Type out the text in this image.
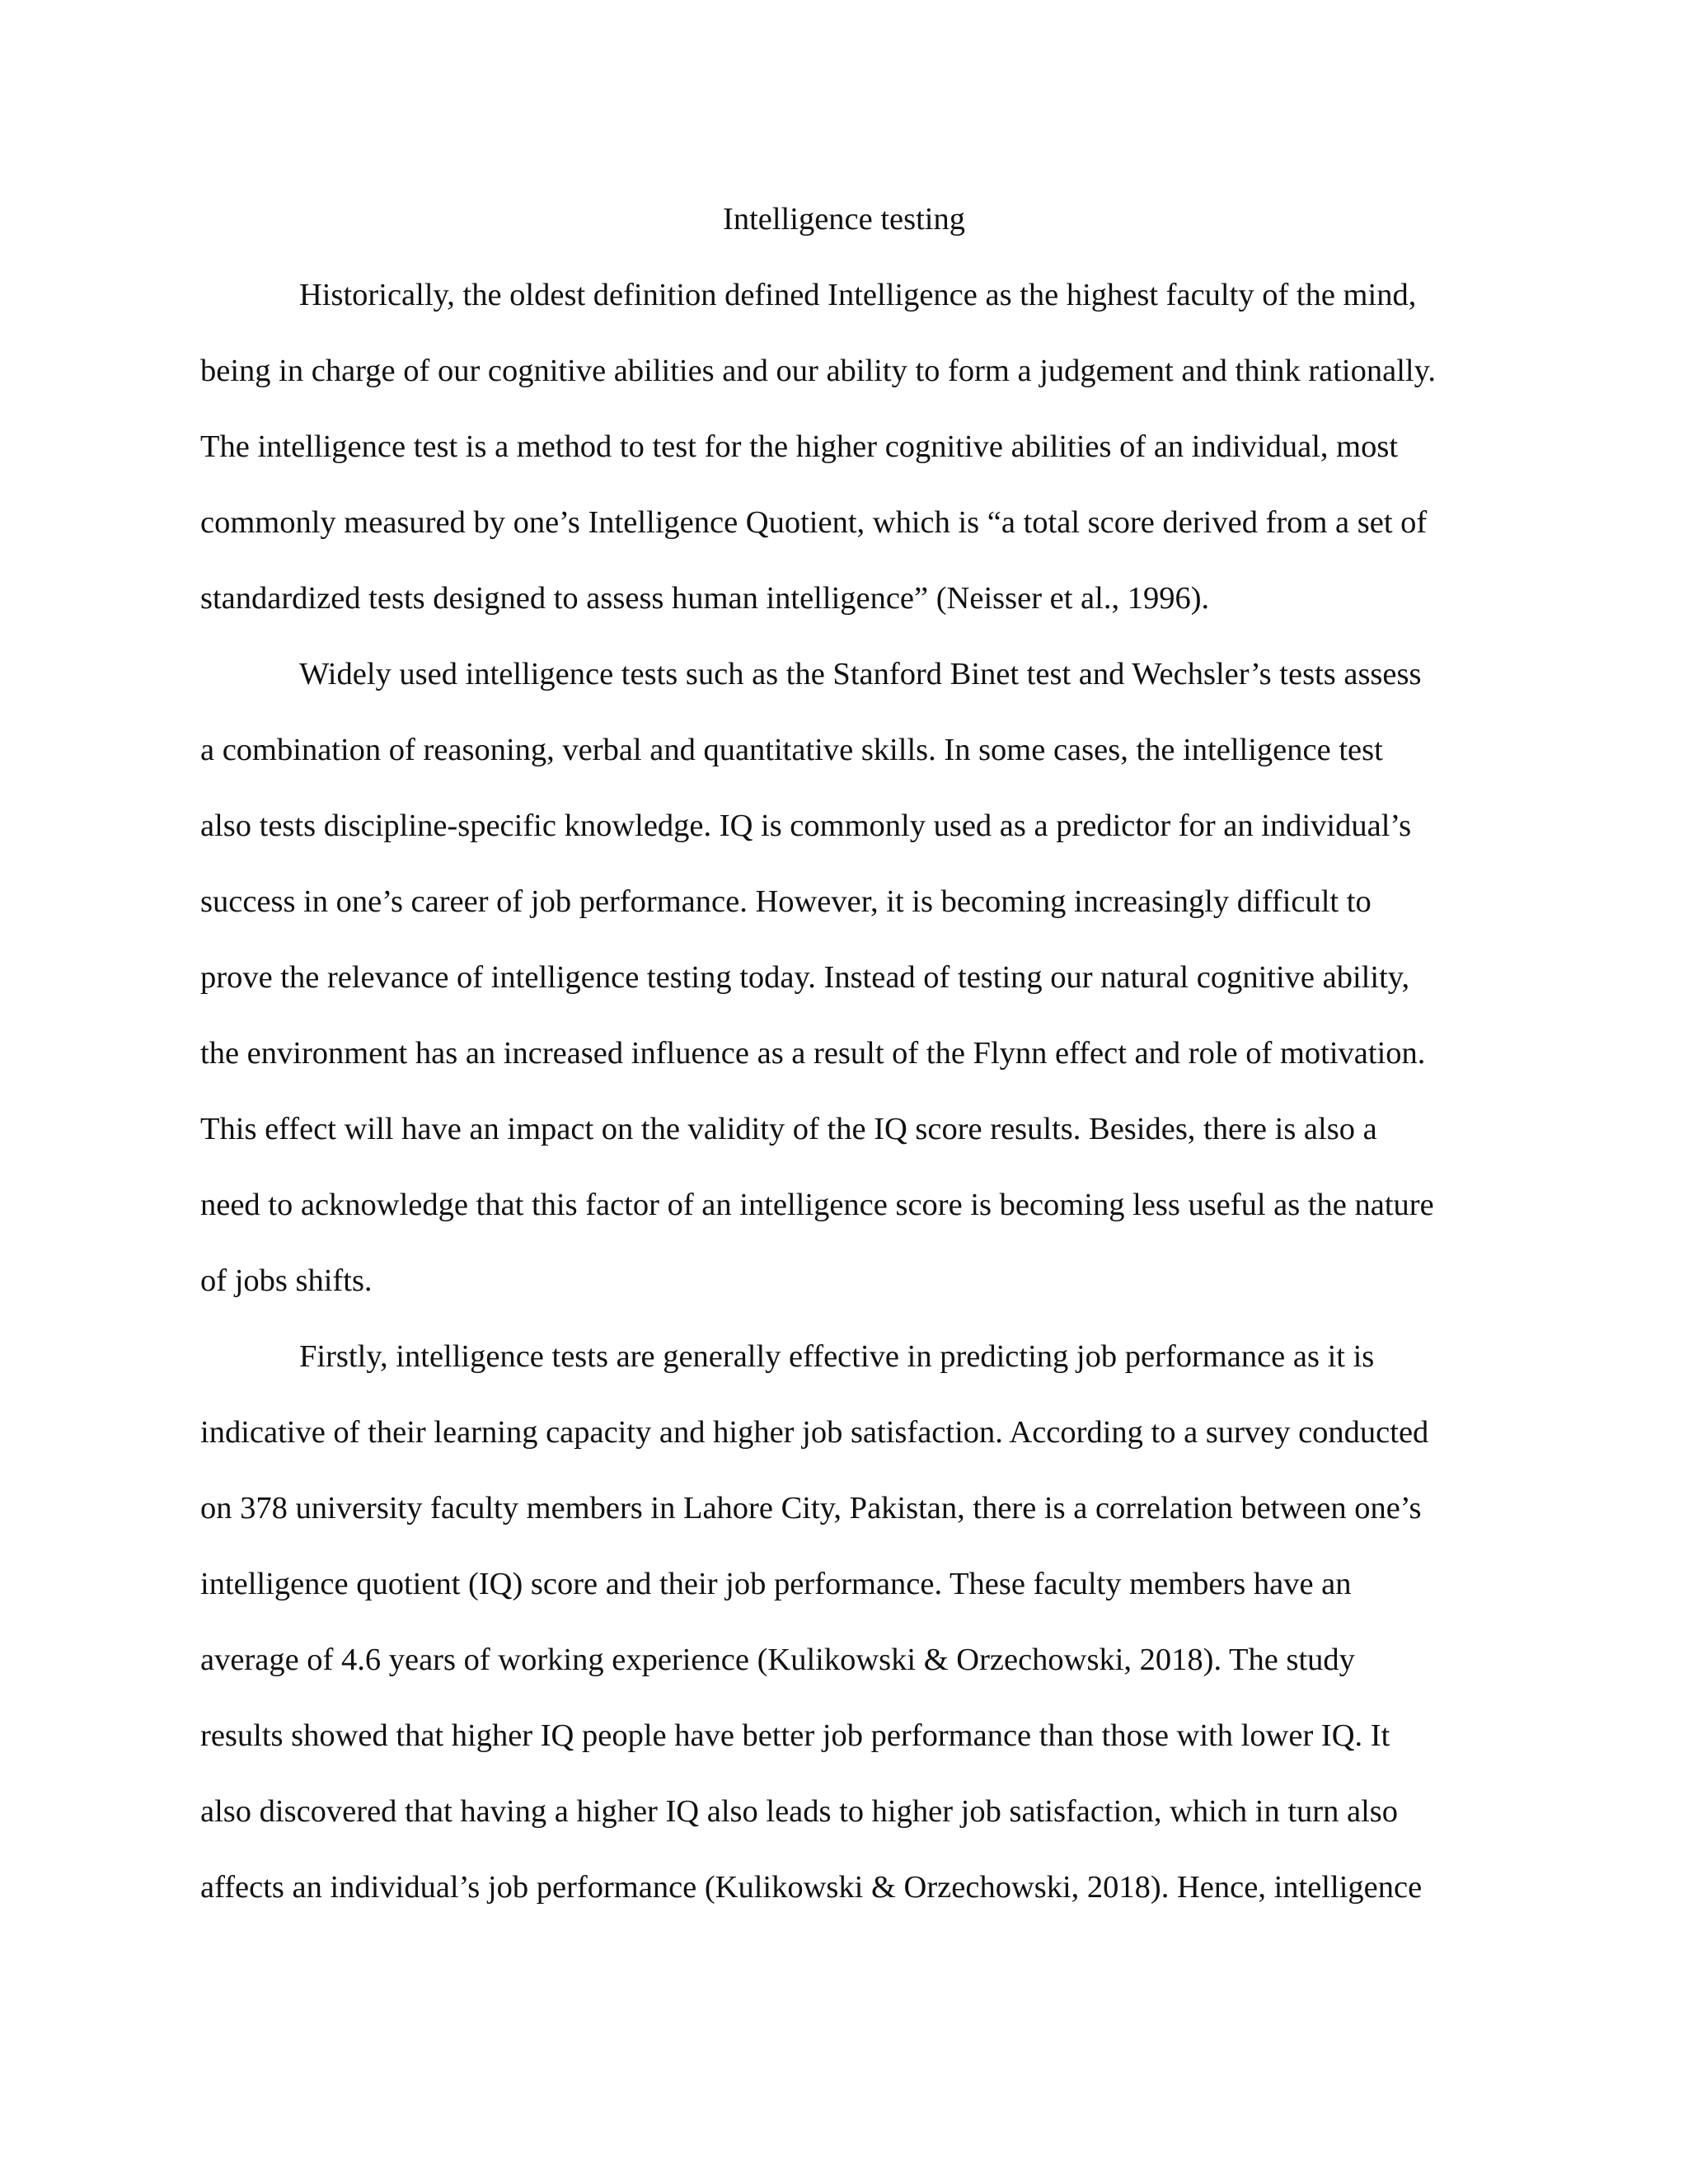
Intelligence testing
Historically, the oldest definition defined Intelligence as the highest faculty of the mind,
being in charge of our cognitive abilities and our ability to form a judgement and think rationally.
The intelligence test is a method to test for the higher cognitive abilities of an individual, most
commonly measured by one’s Intelligence Quotient, which is “a total score derived from a set of
standardized tests designed to assess human intelligence” (Neisser et al., 1996).
Widely used intelligence tests such as the Stanford Binet test and Wechsler’s tests assess
a combination of reasoning, verbal and quantitative skills. In some cases, the intelligence test
also tests discipline-specific knowledge. IQ is commonly used as a predictor for an individual’s
success in one’s career of job performance. However, it is becoming increasingly difficult to
prove the relevance of intelligence testing today. Instead of testing our natural cognitive ability,
the environment has an increased influence as a result of the Flynn effect and role of motivation.
This effect will have an impact on the validity of the IQ score results. Besides, there is also a
need to acknowledge that this factor of an intelligence score is becoming less useful as the nature
of jobs shifts.
Firstly, intelligence tests are generally effective in predicting job performance as it is
indicative of their learning capacity and higher job satisfaction. According to a survey conducted
on 378 university faculty members in Lahore City, Pakistan, there is a correlation between one’s
intelligence quotient (IQ) score and their job performance. These faculty members have an
average of 4.6 years of working experience (Kulikowski & Orzechowski, 2018). The study
results showed that higher IQ people have better job performance than those with lower IQ. It
also discovered that having a higher IQ also leads to higher job satisfaction, which in turn also
affects an individual’s job performance (Kulikowski & Orzechowski, 2018). Hence, intelligence
